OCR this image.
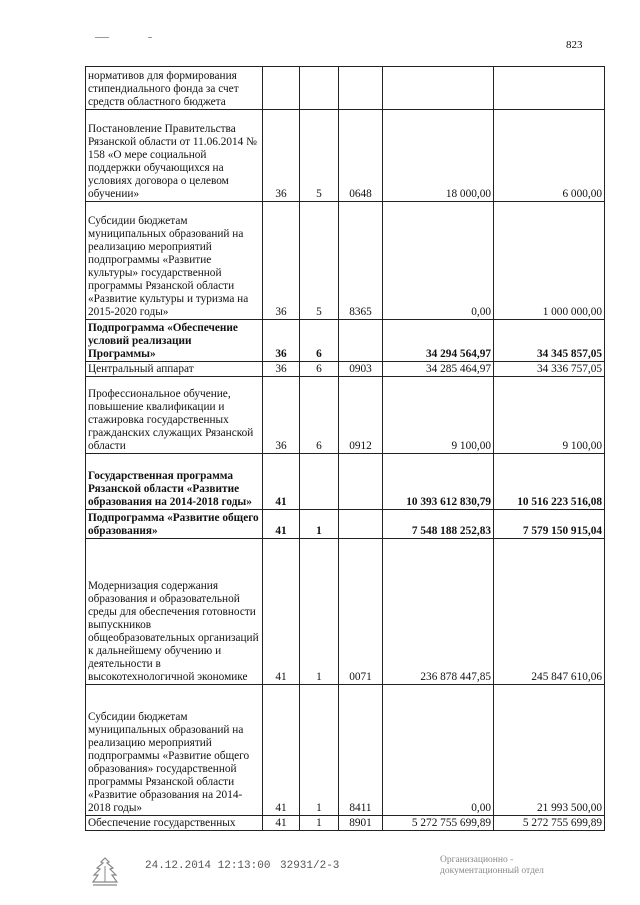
823
нормативов для формирования стипендиального фонда за счет средств областного бюджета					
Постановление Правительства Рязанской области от 11.06.2014 № 158 «О мере социальной поддержки обучающихся на условиях договора о целевом обучении»	36	5	0648	18 000,00	6 000,00
Субсидии бюджетам муниципальных образований на реализацию мероприятий подпрограммы «Развитие культуры» государственной программы Рязанской области «Развитие культуры и туризма на 2015-2020 годы»	36	5	8365	0,00	1 000 000,00
Подпрограмма «Обеспечение условий реализации Программы»	36	6		34 294 564,97	34 345 857,05
Центральный аппарат	36	6	0903	34 285 464,97	34 336 757,05
Профессиональное обучение, повышение квалификации и стажировка государственных гражданских служащих Рязанской области	36	6	0912	9 100,00	9 100,00
Государственная программа Рязанской области «Развитие образования на 2014-2018 годы»	41			10 393 612 830,79	10 516 223 516,08
Подпрограмма «Развитие общего образования»	41	1		7 548 188 252,83	7 579 150 915,04
Модернизация содержания образования и образовательной среды для обеспечения готовности выпускников общеобразовательных организаций к дальнейшему обучению и деятельности в высокотехнологичной экономике	41	1	0071	236 878 447,85	245 847 610,06
Субсидии бюджетам муниципальных образований на реализацию мероприятий подпрограммы «Развитие общего образования» государственной программы Рязанской области «Развитие образования на 2014-2018 годы»	41	1	8411	0,00	21 993 500,00
Обеспечение государственных	41	1	8901	5 272 755 699,89	5 272 755 699,89
24.12.2014 12:13:00 32931/2-3	Организационно -
документационный отдел
